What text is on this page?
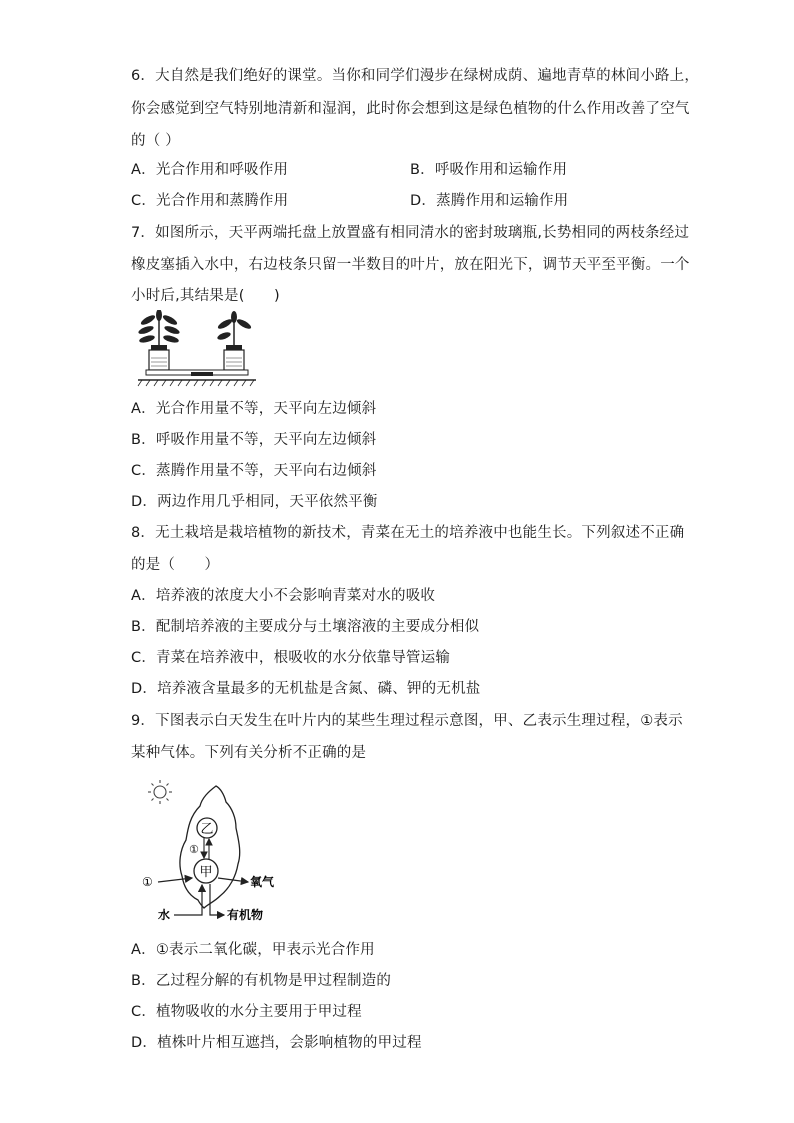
6．大自然是我们绝好的课堂。当你和同学们漫步在绿树成荫、遍地青草的林间小路上，
你会感觉到空气特别地清新和湿润，此时你会想到这是绿色植物的什么作用改善了空气
的（ ）
A．光合作用和呼吸作用	B．呼吸作用和运输作用
C．光合作用和蒸腾作用	D．蒸腾作用和运输作用
7．如图所示，天平两端托盘上放置盛有相同清水的密封玻璃瓶,长势相同的两枝条经过
橡皮塞插入水中，右边枝条只留一半数目的叶片，放在阳光下，调节天平至平衡。一个
小时后,其结果是(　　)
A．光合作用量不等，天平向左边倾斜
B．呼吸作用量不等，天平向左边倾斜
C．蒸腾作用量不等，天平向右边倾斜
D．两边作用几乎相同，天平依然平衡
8．无土栽培是栽培植物的新技术，青菜在无土的培养液中也能生长。下列叙述不正确
的是（　　）
A．培养液的浓度大小不会影响青菜对水的吸收
B．配制培养液的主要成分与土壤溶液的主要成分相似
C．青菜在培养液中，根吸收的水分依靠导管运输
D．培养液含量最多的无机盐是含氮、磷、钾的无机盐
9．下图表示白天发生在叶片内的某些生理过程示意图，甲、乙表示生理过程，①表示
某种气体。下列有关分析不正确的是
乙
甲
①
①	氧气
水	有机物
A．①表示二氧化碳，甲表示光合作用
B．乙过程分解的有机物是甲过程制造的
C．植物吸收的水分主要用于甲过程
D．植株叶片相互遮挡，会影响植物的甲过程
